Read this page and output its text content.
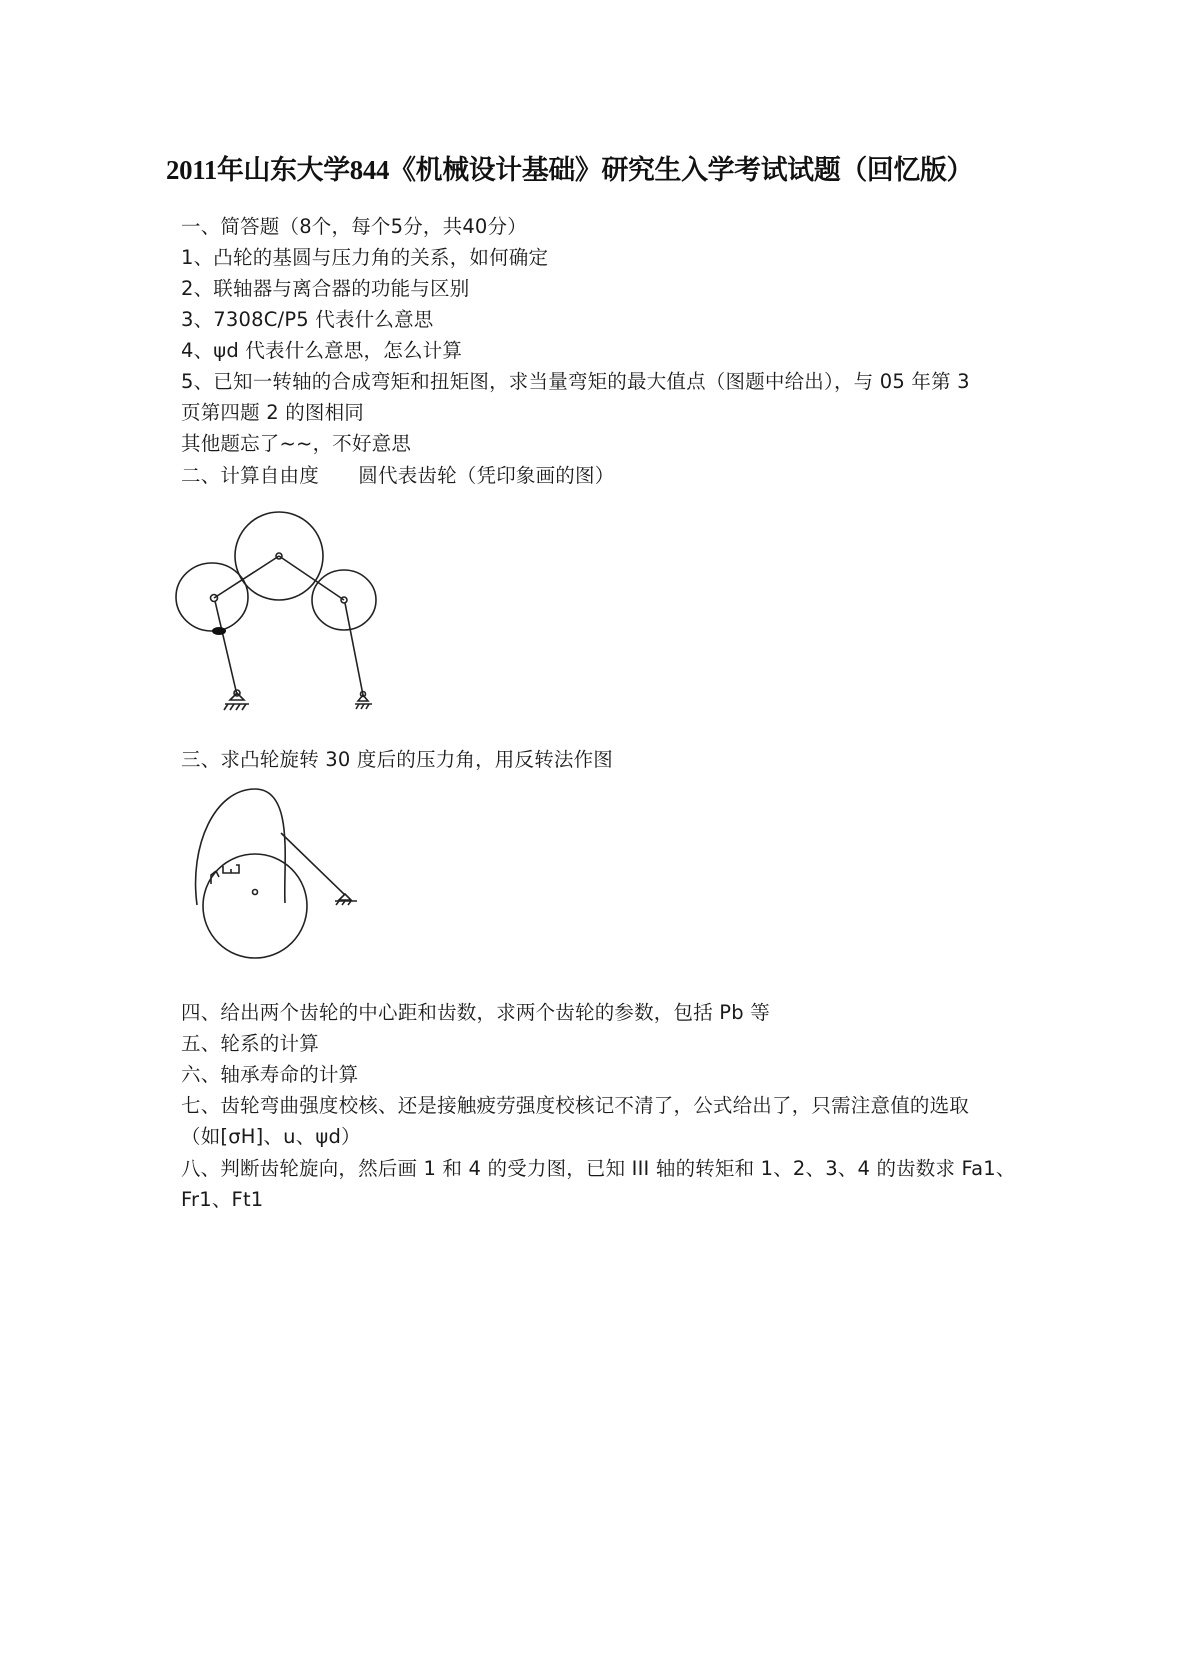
2011年山东大学844《机械设计基础》研究生入学考试试题（回忆版）
一、简答题（8个，每个5分，共40分）
1、凸轮的基圆与压力角的关系，如何确定
2、联轴器与离合器的功能与区别
3、7308C/P5 代表什么意思
4、ψd 代表什么意思，怎么计算
5、已知一转轴的合成弯矩和扭矩图，求当量弯矩的最大值点（图题中给出），与 05 年第 3
页第四题 2 的图相同
其他题忘了~~，不好意思
二、计算自由度　　圆代表齿轮（凭印象画的图）
三、求凸轮旋转 30 度后的压力角，用反转法作图
四、给出两个齿轮的中心距和齿数，求两个齿轮的参数，包括 Pb 等
五、轮系的计算
六、轴承寿命的计算
七、齿轮弯曲强度校核、还是接触疲劳强度校核记不清了，公式给出了，只需注意值的选取
（如[σH]、u、ψd）
八、判断齿轮旋向，然后画 1 和 4 的受力图，已知 III 轴的转矩和 1、2、3、4 的齿数求 Fa1、
Fr1、Ft1
